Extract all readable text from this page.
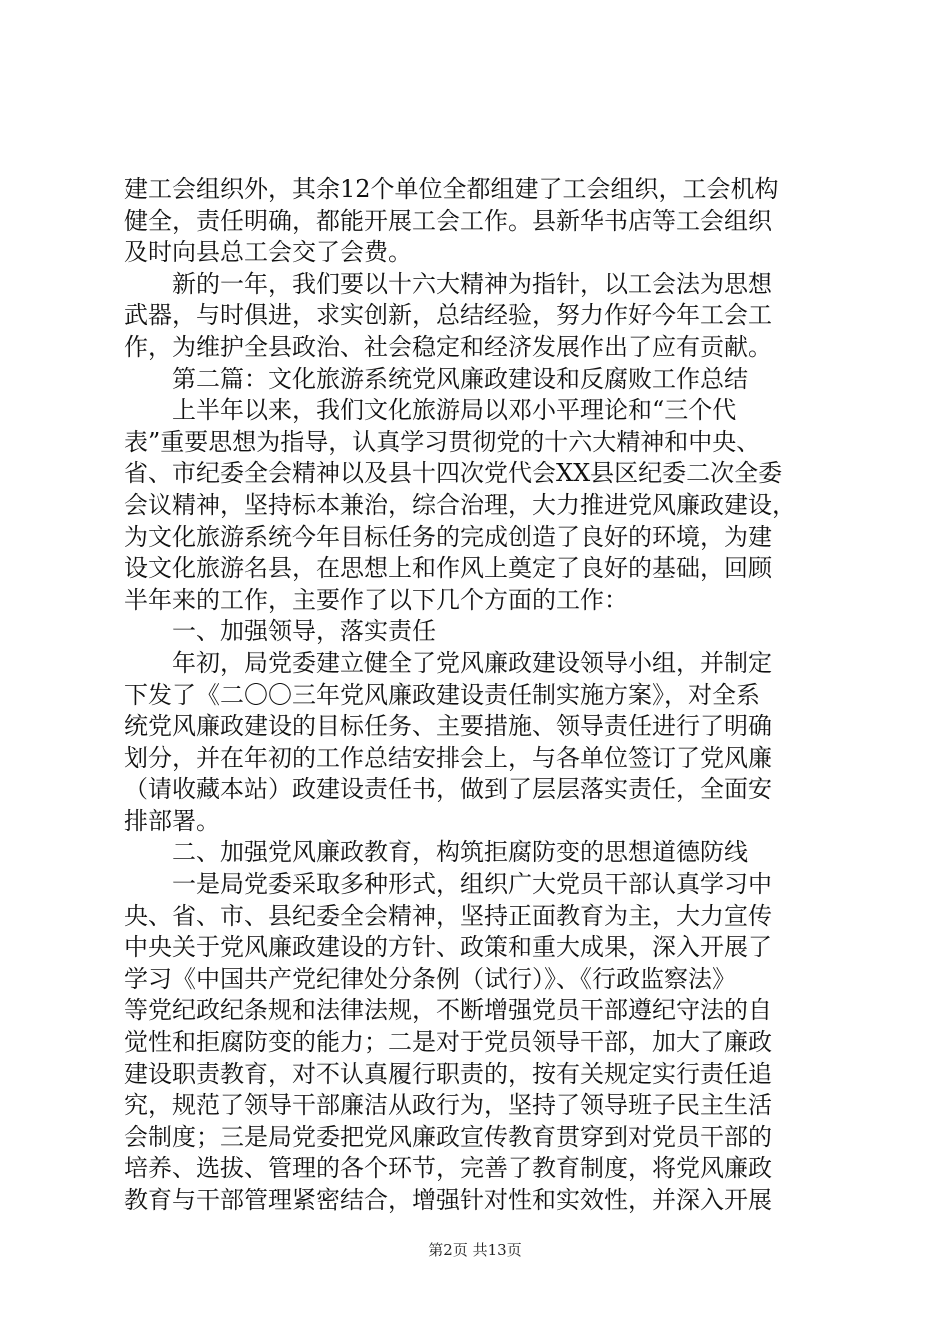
建工会组织外，其余12个单位全都组建了工会组织，工会机构
健全，责任明确，都能开展工会工作。县新华书店等工会组织
及时向县总工会交了会费。
　　新的一年，我们要以十六大精神为指针，以工会法为思想
武器，与时俱进，求实创新，总结经验，努力作好今年工会工
作，为维护全县政治、社会稳定和经济发展作出了应有贡献。
　　第二篇：文化旅游系统党风廉政建设和反腐败工作总结
　　上半年以来，我们文化旅游局以邓小平理论和“三个代
表”重要思想为指导，认真学习贯彻党的十六大精神和中央、
省、市纪委全会精神以及县十四次党代会XX县区纪委二次全委
会议精神，坚持标本兼治，综合治理，大力推进党风廉政建设，
为文化旅游系统今年目标任务的完成创造了良好的环境，为建
设文化旅游名县，在思想上和作风上奠定了良好的基础，回顾
半年来的工作，主要作了以下几个方面的工作：
　　一、加强领导，落实责任
　　年初，局党委建立健全了党风廉政建设领导小组，并制定
下发了《二〇〇三年党风廉政建设责任制实施方案》，对全系
统党风廉政建设的目标任务、主要措施、领导责任进行了明确
划分，并在年初的工作总结安排会上，与各单位签订了党风廉
（请收藏本站）政建设责任书，做到了层层落实责任，全面安
排部署。
　　二、加强党风廉政教育，构筑拒腐防变的思想道德防线
　　一是局党委采取多种形式，组织广大党员干部认真学习中
央、省、市、县纪委全会精神，坚持正面教育为主，大力宣传
中央关于党风廉政建设的方针、政策和重大成果，深入开展了
学习《中国共产党纪律处分条例（试行）》、《行政监察法》
等党纪政纪条规和法律法规，不断增强党员干部遵纪守法的自
觉性和拒腐防变的能力；二是对于党员领导干部，加大了廉政
建设职责教育，对不认真履行职责的，按有关规定实行责任追
究，规范了领导干部廉洁从政行为，坚持了领导班子民主生活
会制度；三是局党委把党风廉政宣传教育贯穿到对党员干部的
培养、选拔、管理的各个环节，完善了教育制度，将党风廉政
教育与干部管理紧密结合，增强针对性和实效性，并深入开展
第2页 共13页
